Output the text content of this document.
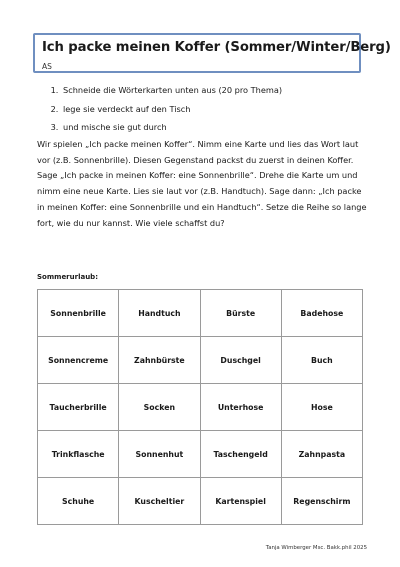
Ich packe meinen Koffer (Sommer/Winter/Berg)
AS
1. Schneide die Wörterkarten unten aus (20 pro Thema)
2. lege sie verdeckt auf den Tisch
3. und mische sie gut durch

Wir spielen „Ich packe meinen Koffer“. Nimm eine Karte und lies das Wort laut vor (z.B. Sonnenbrille). Diesen Gegenstand packst du zuerst in deinen Koffer. Sage „Ich packe in meinen Koffer: eine Sonnenbrille“. Drehe die Karte um und nimm eine neue Karte. Lies sie laut vor (z.B. Handtuch). Sage dann: „Ich packe in meinen Koffer: eine Sonnenbrille und ein Handtuch“. Setze die Reihe so lange fort, wie du nur kannst. Wie viele schaffst du?

Sommerurlaub:
Sonnenbrille	Handtuch	Bürste	Badehose
Sonnencreme	Zahnbürste	Duschgel	Buch
Taucherbrille	Socken	Unterhose	Hose
Trinkflasche	Sonnenhut	Taschengeld	Zahnpasta
Schuhe	Kuscheltier	Kartenspiel	Regenschirm
Tanja Wimberger Msc. Bakk.phil 2025
